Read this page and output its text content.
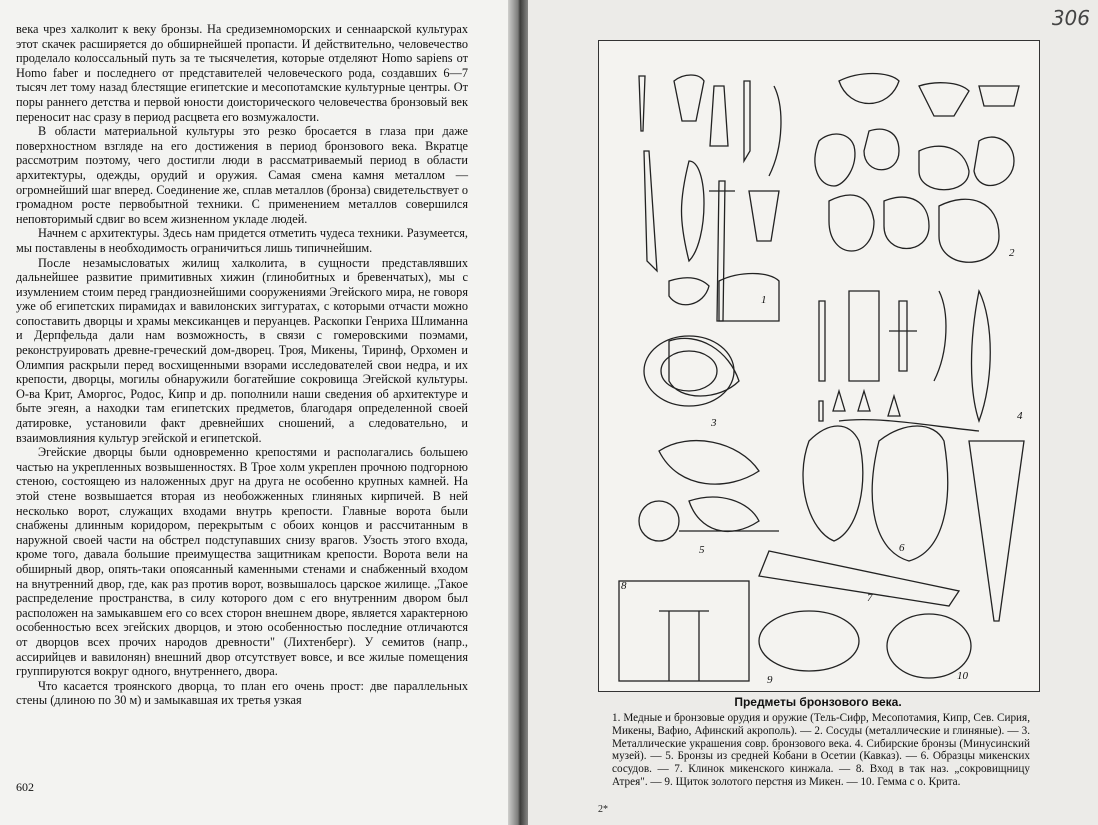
века чрез халколит к веку бронзы. На средиземноморских и сеннаарской культурах этот скачек расширяется до обширнейшей пропасти. И действительно, человечество проделало колоссальный путь за те тысячелетия, которые отделяют Homo sapiens от Homo faber и последнего от представителей человеческого рода, создавших 6—7 тысяч лет тому назад блестящие египетские и месопотамские культурные центры. От поры раннего детства и первой юности доисторического человечества бронзовый век переносит нас сразу в период расцвета его возмужалости.

В области материальной культуры это резко бросается в глаза при даже поверхностном взгляде на его достижения в период бронзового века. Вкратце рассмотрим поэтому, чего достигли люди в рассматриваемый период в области архитектуры, одежды, орудий и оружия. Самая смена камня металлом — огромнейший шаг вперед. Соединение же, сплав металлов (бронза) свидетельствует о громадном росте первобытной техники. С применением металлов совершился неповторимый сдвиг во всем жизненном укладе людей.

Начнем с архитектуры. Здесь нам придется отметить чудеса техники. Разумеется, мы поставлены в необходимость ограничиться лишь типичнейшим.

После незамысловатых жилищ халколита, в сущности представлявших дальнейшее развитие примитивных хижин (глинобитных и бревенчатых), мы с изумлением стоим перед грандиознейшими сооружениями Эгейского мира, не говоря уже об египетских пирамидах и вавилонских зиггуратах, с которыми отчасти можно сопоставить дворцы и храмы мексиканцев и перуанцев. Раскопки Генриха Шлиманна и Дерпфельда дали нам возможность, в связи с гомеровскими поэмами, реконструировать древне-греческий дом-дворец. Троя, Микены, Тиринф, Орхомен и Олимпия раскрыли перед восхищенными взорами исследователей свои недра, и их крепости, дворцы, могилы обнаружили богатейшие сокровища Эгейской культуры. О-ва Крит, Аморгос, Родос, Кипр и др. пополнили наши сведения об архитектуре и быте эгеян, а находки там египетских предметов, благодаря определенной своей датировке, установили факт древнейших сношений, а следовательно, и взаимовлияния культур эгейской и египетской.

Эгейские дворцы были одновременно крепостями и располагались большею частью на укрепленных возвышенностях. В Трое холм укреплен прочною подгорною стеною, состоящею из наложенных друг на друга не особенно крупных камней. На этой стене возвышается вторая из необожженных глиняных кирпичей. В ней несколько ворот, служащих входами внутрь крепости. Главные ворота были снабжены длинным коридором, перекрытым с обоих концов и рассчитанным в наружной своей части на обстрел подступавших снизу врагов. Узость этого входа, кроме того, давала большие преимущества защитникам крепости. Ворота вели на обширный двор, опять-таки опоясанный каменными стенами и снабженный входом на внутренний двор, где, как раз против ворот, возвышалось царское жилище. „Такое распределение пространства, в силу которого дом с его внутренним двором был расположен на замыкавшем его со всех сторон внешнем дворе, является характерною особенностью всех эгейских дворцов, и этою особенностью последние отличаются от дворцов всех прочих народов древности" (Лихтенберг). У семитов (напр., ассирийцев и вавилонян) внешний двор отсутствует вовсе, и все жилые помещения группируются вокруг одного, внутреннего, двора.

Что касается троянского дворца, то план его очень прост: две параллельных стены (длиною по 30 м) и замыкавшая их третья узкая

602
306
1
2
3
4
5	6
7
8
9	10
Предметы бронзового века.
1. Медные и бронзовые орудия и оружие (Тель-Сифр, Месопотамия, Кипр, Сев. Сирия, Микены, Вафио, Афинский акрополь). — 2. Сосуды (металлические и глиняные). — 3. Металлические украшения совр. бронзового века. 4. Сибирские бронзы (Минусинский музей). — 5. Бронзы из средней Кобани в Осетии (Кавказ). — 6. Образцы микенских сосудов. — 7. Клинок микенского кинжала. — 8. Вход в так наз. „сокровищницу Атрея". — 9. Щиток золотого перстня из Микен. — 10. Гемма с о. Крита.
2*
